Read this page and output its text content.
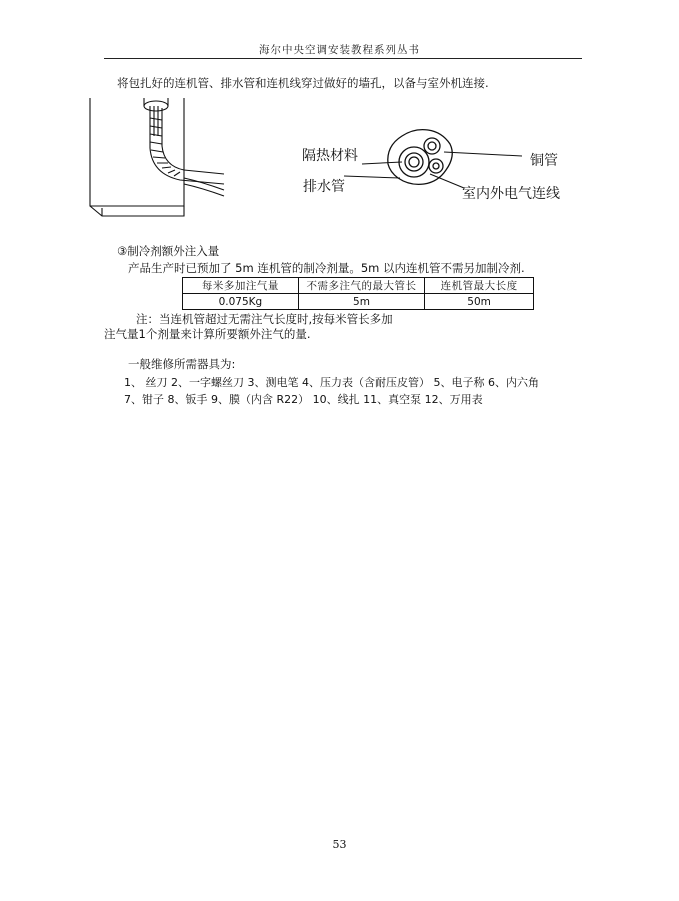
海尔中央空调安装教程系列丛书
将包扎好的连机管、排水管和连机线穿过做好的墙孔，以备与室外机连接.
隔热材料
排水管
铜管
室内外电气连线
③制冷剂额外注入量
产品生产时已预加了 5m 连机管的制冷剂量。5m 以内连机管不需另加制冷剂.
每米多加注气量	不需多注气的最大管长	连机管最大长度
0.075Kg	5m	50m
注：当连机管超过无需注气长度时,按每米管长多加
注气量1个剂量来计算所要额外注气的量.
一般维修所需器具为:
1、 丝刀 2、一字螺丝刀 3、测电笔 4、压力表（含耐压皮管） 5、电子称 6、内六角
7、钳子 8、钣手 9、膜（内含 R22） 10、线扎 11、真空泵 12、万用表
53
